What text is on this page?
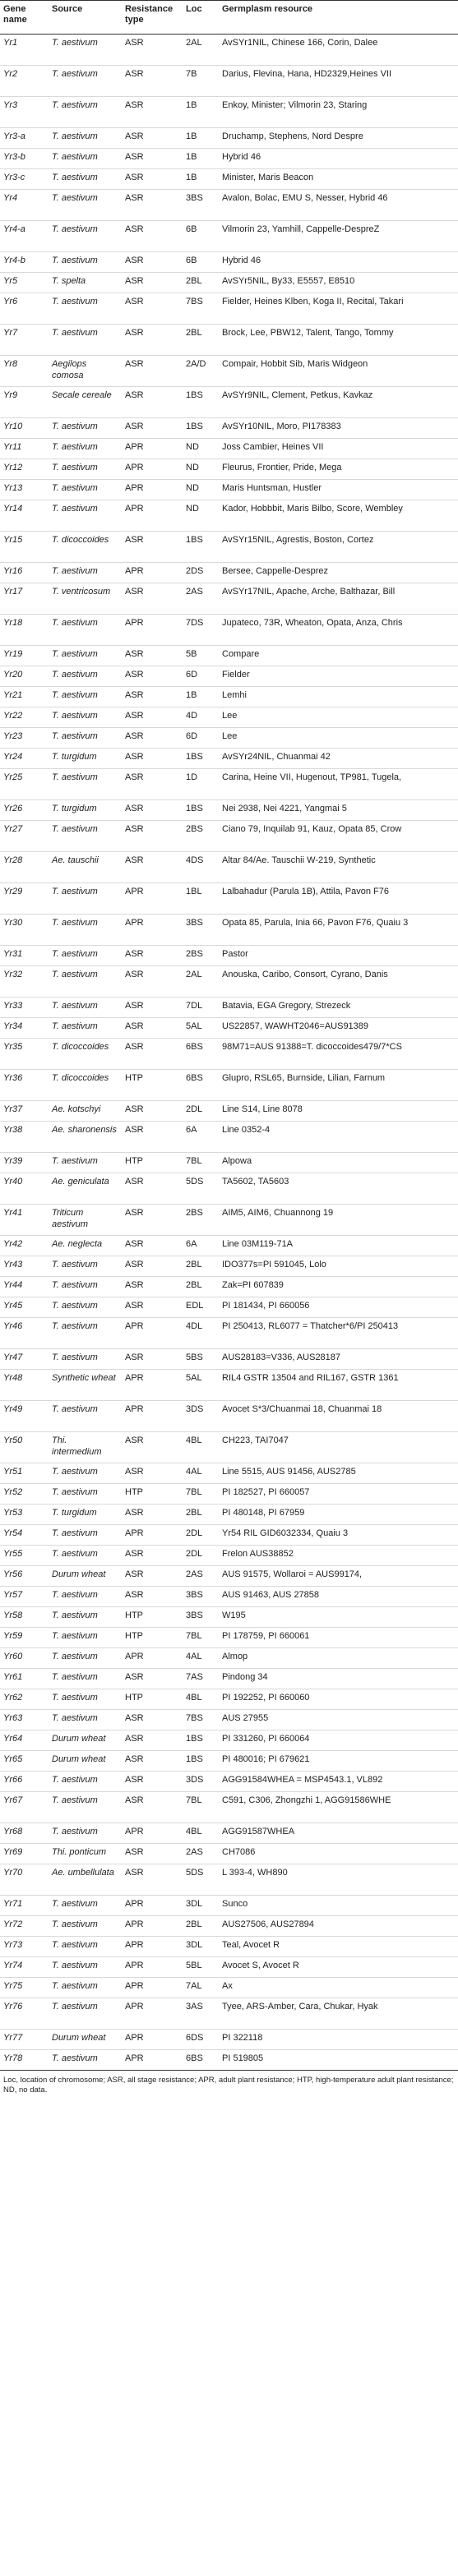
Gene name	Source	Resistance type	Loc	Germplasm resource
Yr1	T. aestivum	ASR	2AL	AvSYr1NIL, Chinese 166, Corin, Dalee
Yr2	T. aestivum	ASR	7B	Darius, Flevina, Hana, HD2329,Heines VII
Yr3	T. aestivum	ASR	1B	Enkoy, Minister; Vilmorin 23, Staring
Yr3-a	T. aestivum	ASR	1B	Druchamp, Stephens, Nord Despre
Yr3-b	T. aestivum	ASR	1B	Hybrid 46
Yr3-c	T. aestivum	ASR	1B	Minister, Maris Beacon
Yr4	T. aestivum	ASR	3BS	Avalon, Bolac, EMU S, Nesser, Hybrid 46
Yr4-a	T. aestivum	ASR	6B	Vilmorin 23, Yamhill, Cappelle-DespreZ
Yr4-b	T. aestivum	ASR	6B	Hybrid 46
Yr5	T. spelta	ASR	2BL	AvSYr5NIL, By33, E5557, E8510
Yr6	T. aestivum	ASR	7BS	Fielder, Heines Klben, Koga II, Recital, Takari
Yr7	T. aestivum	ASR	2BL	Brock, Lee, PBW12, Talent, Tango, Tommy
Yr8	Aegilops comosa	ASR	2A/D	Compair, Hobbit Sib, Maris Widgeon
Yr9	Secale cereale	ASR	1BS	AvSYr9NIL, Clement, Petkus, Kavkaz
Yr10	T. aestivum	ASR	1BS	AvSYr10NIL, Moro, PI178383
Yr11	T. aestivum	APR	ND	Joss Cambier, Heines VII
Yr12	T. aestivum	APR	ND	Fleurus, Frontier, Pride, Mega
Yr13	T. aestivum	APR	ND	Maris Huntsman, Hustler
Yr14	T. aestivum	APR	ND	Kador, Hobbbit, Maris Bilbo, Score, Wembley
Yr15	T. dicoccoides	ASR	1BS	AvSYr15NIL, Agrestis, Boston, Cortez
Yr16	T. aestivum	APR	2DS	Bersee, Cappelle-Desprez
Yr17	T. ventricosum	ASR	2AS	AvSYr17NIL, Apache, Arche, Balthazar, Bill
Yr18	T. aestivum	APR	7DS	Jupateco, 73R, Wheaton, Opata, Anza, Chris
Yr19	T. aestivum	ASR	5B	Compare
Yr20	T. aestivum	ASR	6D	Fielder
Yr21	T. aestivum	ASR	1B	Lemhi
Yr22	T. aestivum	ASR	4D	Lee
Yr23	T. aestivum	ASR	6D	Lee
Yr24	T. turgidum	ASR	1BS	AvSYr24NIL, Chuanmai 42
Yr25	T. aestivum	ASR	1D	Carina, Heine VII, Hugenout, TP981, Tugela,
Yr26	T. turgidum	ASR	1BS	Nei 2938, Nei 4221, Yangmai 5
Yr27	T. aestivum	ASR	2BS	Ciano 79, Inquilab 91, Kauz, Opata 85, Crow
Yr28	Ae. tauschii	ASR	4DS	Altar 84/Ae. Tauschii W-219, Synthetic
Yr29	T. aestivum	APR	1BL	Lalbahadur (Parula 1B), Attila, Pavon F76
Yr30	T. aestivum	APR	3BS	Opata 85, Parula, Inia 66, Pavon F76, Quaiu 3
Yr31	T. aestivum	ASR	2BS	Pastor
Yr32	T. aestivum	ASR	2AL	Anouska, Caribo, Consort, Cyrano, Danis
Yr33	T. aestivum	ASR	7DL	Batavia, EGA Gregory, Strezeck
Yr34	T. aestivum	ASR	5AL	US22857, WAWHT2046=AUS91389
Yr35	T. dicoccoides	ASR	6BS	98M71=AUS 91388=T. dicoccoides479/7*CS
Yr36	T. dicoccoides	HTP	6BS	Glupro, RSL65, Burnside, Lilian, Farnum
Yr37	Ae. kotschyi	ASR	2DL	Line S14, Line 8078
Yr38	Ae. sharonensis	ASR	6A	Line 0352-4
Yr39	T. aestivum	HTP	7BL	Alpowa
Yr40	Ae. geniculata	ASR	5DS	TA5602, TA5603
Yr41	Triticum aestivum	ASR	2BS	AIM5, AIM6, Chuannong 19
Yr42	Ae. neglecta	ASR	6A	Line 03M119-71A
Yr43	T. aestivum	ASR	2BL	IDO377s=PI 591045, Lolo
Yr44	T. aestivum	ASR	2BL	Zak=PI 607839
Yr45	T. aestivum	ASR	EDL	PI 181434, PI 660056
Yr46	T. aestivum	APR	4DL	PI 250413, RL6077 = Thatcher*6/PI 250413
Yr47	T. aestivum	ASR	5BS	AUS28183=V336, AUS28187
Yr48	Synthetic wheat	APR	5AL	RIL4 GSTR 13504 and RIL167, GSTR 1361
Yr49	T. aestivum	APR	3DS	Avocet S*3/Chuanmai 18, Chuanmai 18
Yr50	Thi. intermedium	ASR	4BL	CH223, TAI7047
Yr51	T. aestivum	ASR	4AL	Line 5515, AUS 91456, AUS2785
Yr52	T. aestivum	HTP	7BL	PI 182527, PI 660057
Yr53	T. turgidum	ASR	2BL	PI 480148, PI 67959
Yr54	T. aestivum	APR	2DL	Yr54 RIL GID6032334, Quaiu 3
Yr55	T. aestivum	ASR	2DL	Frelon AUS38852
Yr56	Durum wheat	ASR	2AS	AUS 91575, Wollaroi = AUS99174,
Yr57	T. aestivum	ASR	3BS	AUS 91463, AUS 27858
Yr58	T. aestivum	HTP	3BS	W195
Yr59	T. aestivum	HTP	7BL	PI 178759, PI 660061
Yr60	T. aestivum	APR	4AL	Almop
Yr61	T. aestivum	ASR	7AS	Pindong 34
Yr62	T. aestivum	HTP	4BL	PI 192252, PI 660060
Yr63	T. aestivum	ASR	7BS	AUS 27955
Yr64	Durum wheat	ASR	1BS	PI 331260, PI 660064
Yr65	Durum wheat	ASR	1BS	PI 480016; PI 679621
Yr66	T. aestivum	ASR	3DS	AGG91584WHEA = MSP4543.1, VL892
Yr67	T. aestivum	ASR	7BL	C591, C306, Zhongzhi 1, AGG91586WHE
Yr68	T. aestivum	APR	4BL	AGG91587WHEA
Yr69	Thi. ponticum	ASR	2AS	CH7086
Yr70	Ae. umbellulata	ASR	5DS	L 393-4, WH890
Yr71	T. aestivum	APR	3DL	Sunco
Yr72	T. aestivum	APR	2BL	AUS27506, AUS27894
Yr73	T. aestivum	APR	3DL	Teal, Avocet R
Yr74	T. aestivum	APR	5BL	Avocet S, Avocet R
Yr75	T. aestivum	APR	7AL	Ax
Yr76	T. aestivum	APR	3AS	Tyee, ARS-Amber, Cara, Chukar, Hyak
Yr77	Durum wheat	APR	6DS	PI 322118
Yr78	T. aestivum	APR	6BS	PI 519805
Loc, location of chromosome; ASR, all stage resistance; APR, adult plant resistance; HTP, high-temperature adult plant resistance; ND, no data.
